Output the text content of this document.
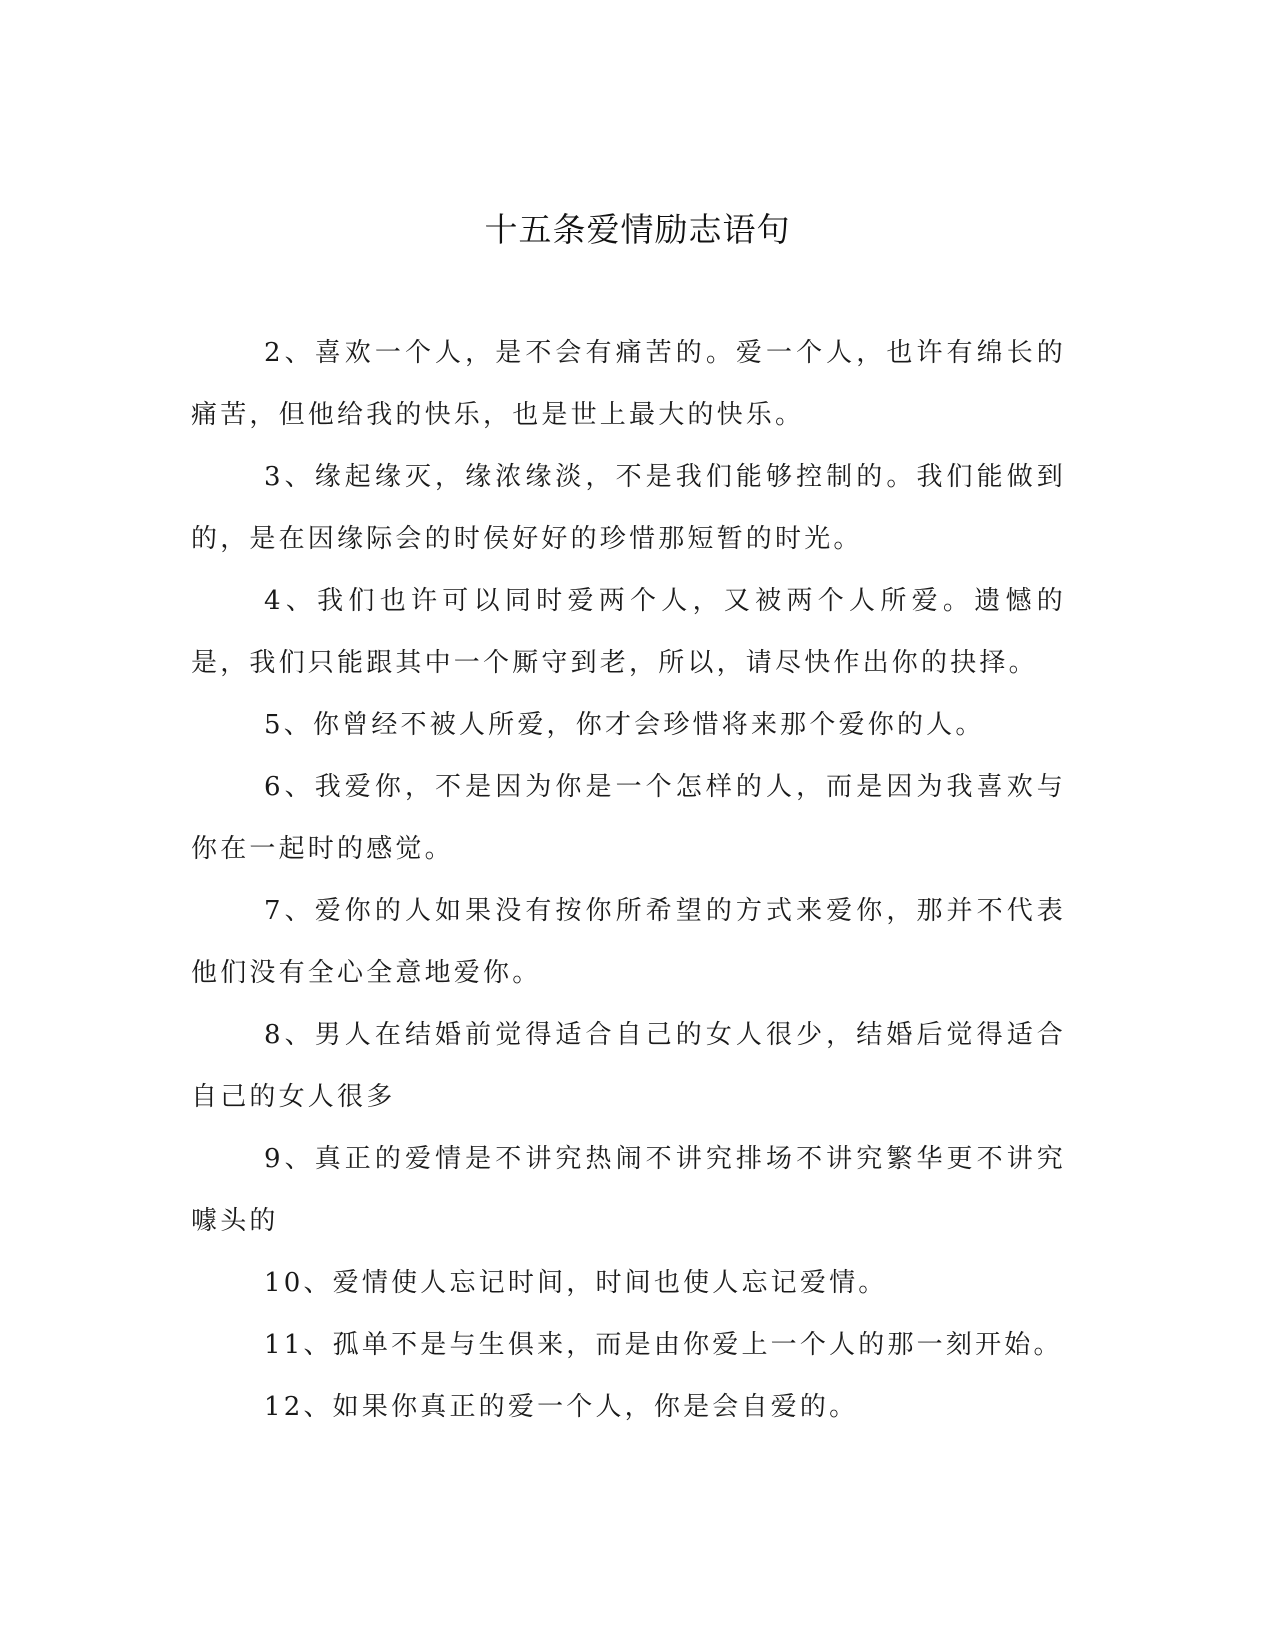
十五条爱情励志语句

2、喜欢一个人，是不会有痛苦的。爱一个人，也许有绵长的痛苦，但他给我的快乐，也是世上最大的快乐。

3、缘起缘灭，缘浓缘淡，不是我们能够控制的。我们能做到的，是在因缘际会的时侯好好的珍惜那短暂的时光。

4、我们也许可以同时爱两个人，又被两个人所爱。遗憾的是，我们只能跟其中一个厮守到老，所以，请尽快作出你的抉择。

5、你曾经不被人所爱，你才会珍惜将来那个爱你的人。

6、我爱你，不是因为你是一个怎样的人，而是因为我喜欢与你在一起时的感觉。

7、爱你的人如果没有按你所希望的方式来爱你，那并不代表他们没有全心全意地爱你。

8、男人在结婚前觉得适合自己的女人很少，结婚后觉得适合自己的女人很多

9、真正的爱情是不讲究热闹不讲究排场不讲究繁华更不讲究噱头的

10、爱情使人忘记时间，时间也使人忘记爱情。

11、孤单不是与生俱来，而是由你爱上一个人的那一刻开始。

12、如果你真正的爱一个人，你是会自爱的。
